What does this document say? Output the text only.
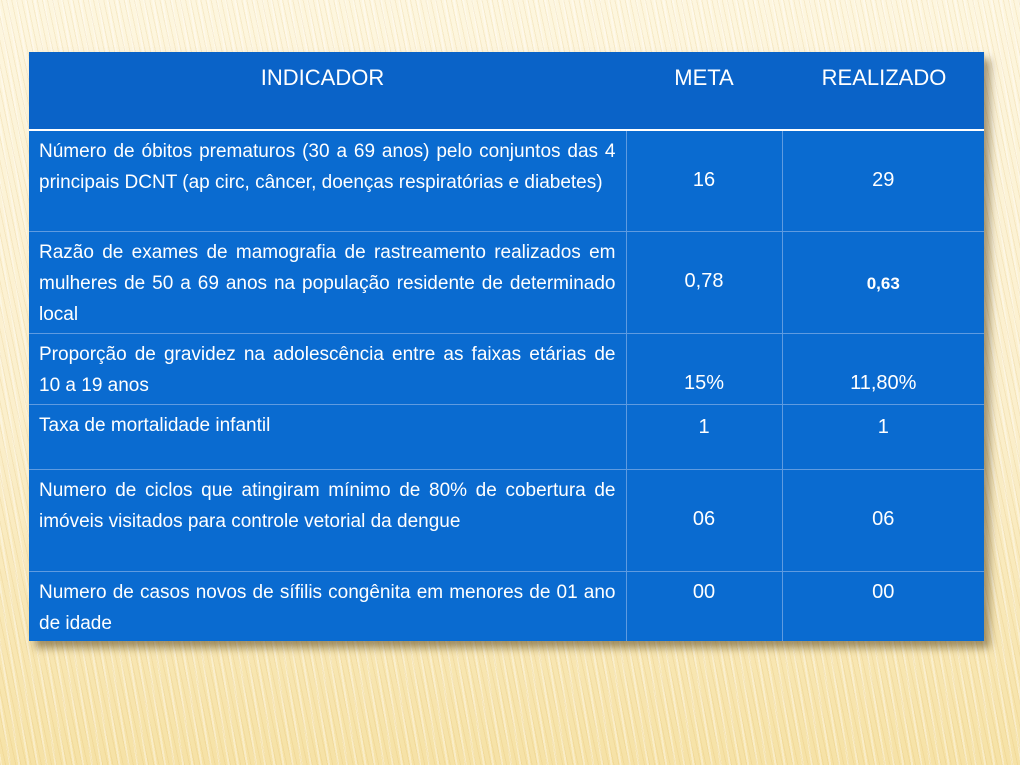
INDICADOR	META	REALIZADO
Número de óbitos prematuros (30 a 69 anos) pelo conjuntos das 4 principais DCNT (ap circ, câncer, doenças respiratórias e diabetes)	16	29
Razão de exames de mamografia de rastreamento realizados em mulheres de 50 a 69 anos na população residente de determinado local	0,78	0,63
Proporção de gravidez na adolescência entre as faixas etárias de 10 a 19 anos	15%	11,80%
Taxa de mortalidade infantil	1	1
Numero de ciclos que atingiram mínimo de 80% de cobertura de imóveis visitados para controle vetorial da dengue	06	06
Numero de casos novos de sífilis congênita em menores de 01 ano de idade	00	00
